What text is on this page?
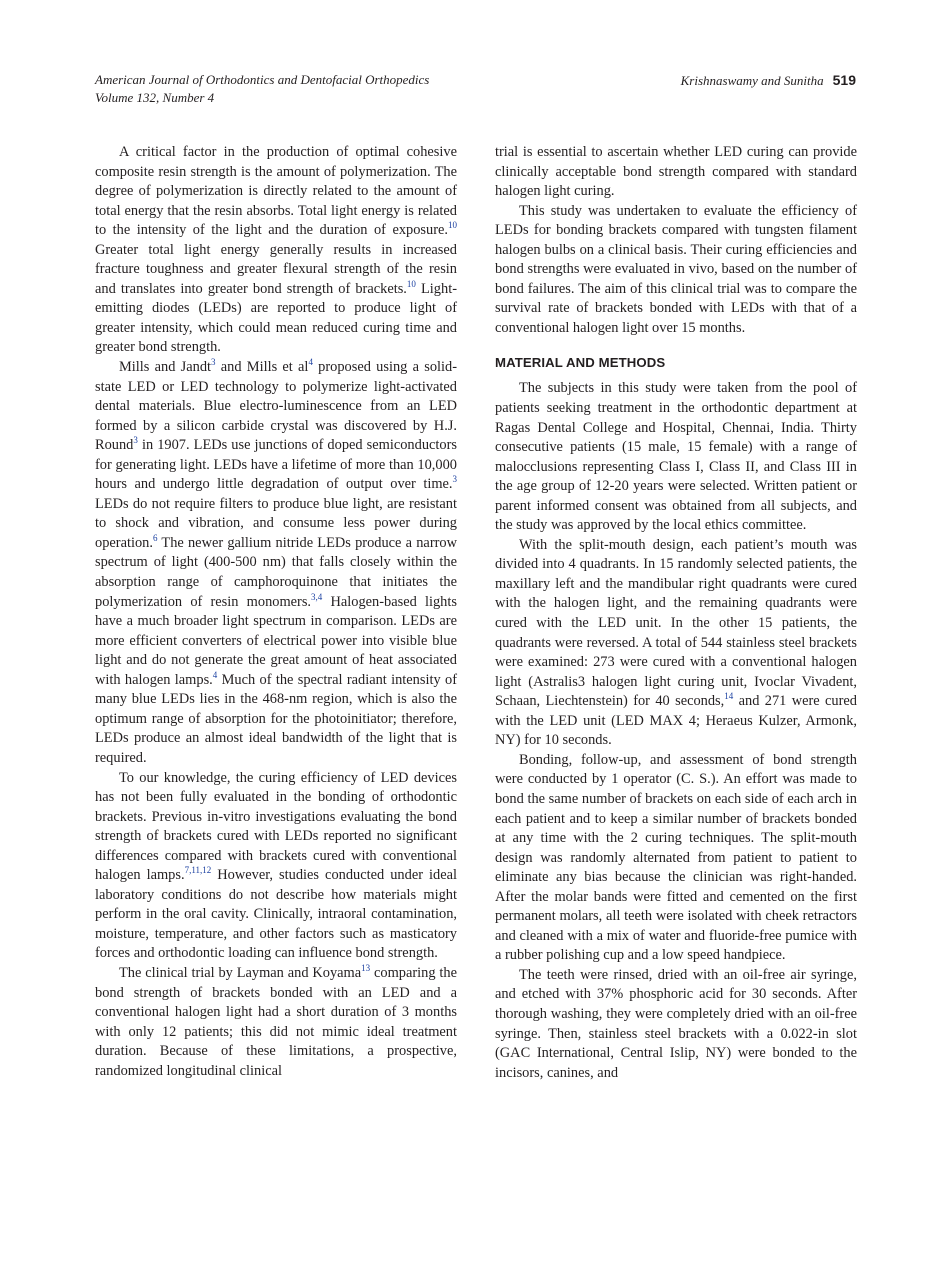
American Journal of Orthodontics and Dentofacial Orthopedics
Volume 132, Number 4
Krishnaswamy and Sunitha 519

A critical factor in the production of optimal cohesive composite resin strength is the amount of polymerization. The degree of polymerization is directly related to the amount of total energy that the resin absorbs. Total light energy is related to the intensity of the light and the duration of exposure.$^{10}$ Greater total light energy generally results in increased fracture toughness and greater flexural strength of the resin and translates into greater bond strength of brackets.$^{10}$ Light-emitting diodes (LEDs) are reported to produce light of greater intensity, which could mean reduced curing time and greater bond strength.

Mills and Jandt$^3$ and Mills et $al^4$ proposed using a solid-state LED or LED technology to polymerize light-activated dental materials. Blue electro-luminescence from an LED formed by a silicon carbide crystal was discovered by H.J. Round$^3$ in 1907. LEDs use junctions of doped semiconductors for generating light. LEDs have a lifetime of more than 10,000 hours and undergo little degradation of output over time.$^3$ LEDs do not require filters to produce blue light, are resistant to shock and vibration, and consume less power during operation.$^6$ The newer gallium nitride LEDs produce a narrow spectrum of light (400-500 nm) that falls closely within the absorption range of camphoroquinone that initiates the polymerization of resin monomers.$^{3,4}$ Halogen-based lights have a much broader light spectrum in comparison. LEDs are more efficient converters of electrical power into visible blue light and do not generate the great amount of heat associated with halogen lamps.$^4$ Much of the spectral radiant intensity of many blue LEDs lies in the 468-nm region, which is also the optimum range of absorption for the photoinitiator; therefore, LEDs produce an almost ideal bandwidth of the light that is required.

To our knowledge, the curing efficiency of LED devices has not been fully evaluated in the bonding of orthodontic brackets. Previous in-vitro investigations evaluating the bond strength of brackets cured with LEDs reported no significant differences compared with brackets cured with conventional halogen lamps.$^{7,11,12}$ However, studies conducted under ideal laboratory conditions do not describe how materials might perform in the oral cavity. Clinically, intraoral contamination, moisture, temperature, and other factors such as masticatory forces and orthodontic loading can influence bond strength.

The clinical trial by Layman and Koyama$^{13}$ comparing the bond strength of brackets bonded with an LED and a conventional halogen light had a short duration of 3 months with only 12 patients; this did not mimic ideal treatment duration. Because of these limitations, a prospective, randomized longitudinal clinical

trial is essential to ascertain whether LED curing can provide clinically acceptable bond strength compared with standard halogen light curing.

This study was undertaken to evaluate the efficiency of LEDs for bonding brackets compared with tungsten filament halogen bulbs on a clinical basis. Their curing efficiencies and bond strengths were evaluated in vivo, based on the number of bond failures. The aim of this clinical trial was to compare the survival rate of brackets bonded with LEDs with that of a conventional halogen light over 15 months.

MATERIAL AND METHODS

The subjects in this study were taken from the pool of patients seeking treatment in the orthodontic department at Ragas Dental College and Hospital, Chennai, India. Thirty consecutive patients (15 male, 15 female) with a range of malocclusions representing Class I, Class II, and Class III in the age group of 12-20 years were selected. Written patient or parent informed consent was obtained from all subjects, and the study was approved by the local ethics committee.

With the split-mouth design, each patient’s mouth was divided into 4 quadrants. In 15 randomly selected patients, the maxillary left and the mandibular right quadrants were cured with the halogen light, and the remaining quadrants were cured with the LED unit. In the other 15 patients, the quadrants were reversed. A total of 544 stainless steel brackets were examined: 273 were cured with a conventional halogen light (Astralis3 halogen light curing unit, Ivoclar Vivadent, Schaan, Liechtenstein) for 40 seconds,$^{14}$ and 271 were cured with the LED unit (LED MAX 4; Heraeus Kulzer, Armonk, NY) for 10 seconds.

Bonding, follow-up, and assessment of bond strength were conducted by 1 operator (C. S.). An effort was made to bond the same number of brackets on each side of each arch in each patient and to keep a similar number of brackets bonded at any time with the 2 curing techniques. The split-mouth design was randomly alternated from patient to patient to eliminate any bias because the clinician was right-handed. After the molar bands were fitted and cemented on the first permanent molars, all teeth were isolated with cheek retractors and cleaned with a mix of water and fluoride-free pumice with a rubber polishing cup and a low speed handpiece.

The teeth were rinsed, dried with an oil-free air syringe, and etched with 37% phosphoric acid for 30 seconds. After thorough washing, they were completely dried with an oil-free syringe. Then, stainless steel brackets with a 0.022-in slot (GAC International, Central Islip, NY) were bonded to the incisors, canines, and
